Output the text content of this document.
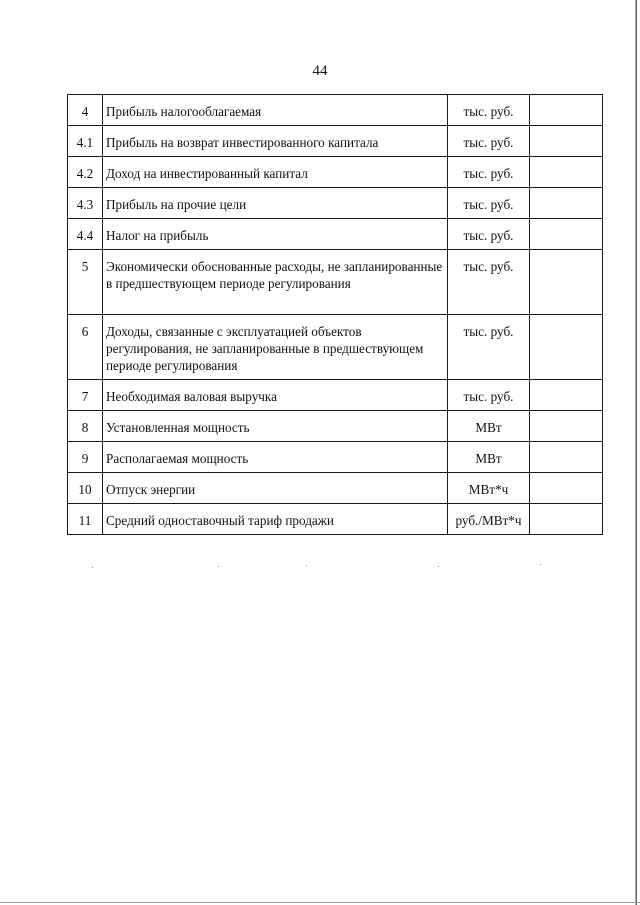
44
4	Прибыль налогооблагаемая	тыс. руб.	
4.1	Прибыль на возврат инвестированного капитала	тыс. руб.	
4.2	Доход на инвестированный капитал	тыс. руб.	
4.3	Прибыль на прочие цели	тыс. руб.	
4.4	Налог на прибыль	тыс. руб.	
5	Экономически обоснованные расходы, не запланированные в предшествующем периоде регулирования	тыс. руб.	
6	Доходы, связанные с эксплуатацией объектов регулирования, не запланированные в предшествующем периоде регулирования	тыс. руб.	
7	Необходимая валовая выручка	тыс. руб.	
8	Установленная мощность	МВт	
9	Располагаемая мощность	МВт	
10	Отпуск энергии	МВт*ч	
11	Средний одноставочный тариф продажи	руб./МВт*ч	
